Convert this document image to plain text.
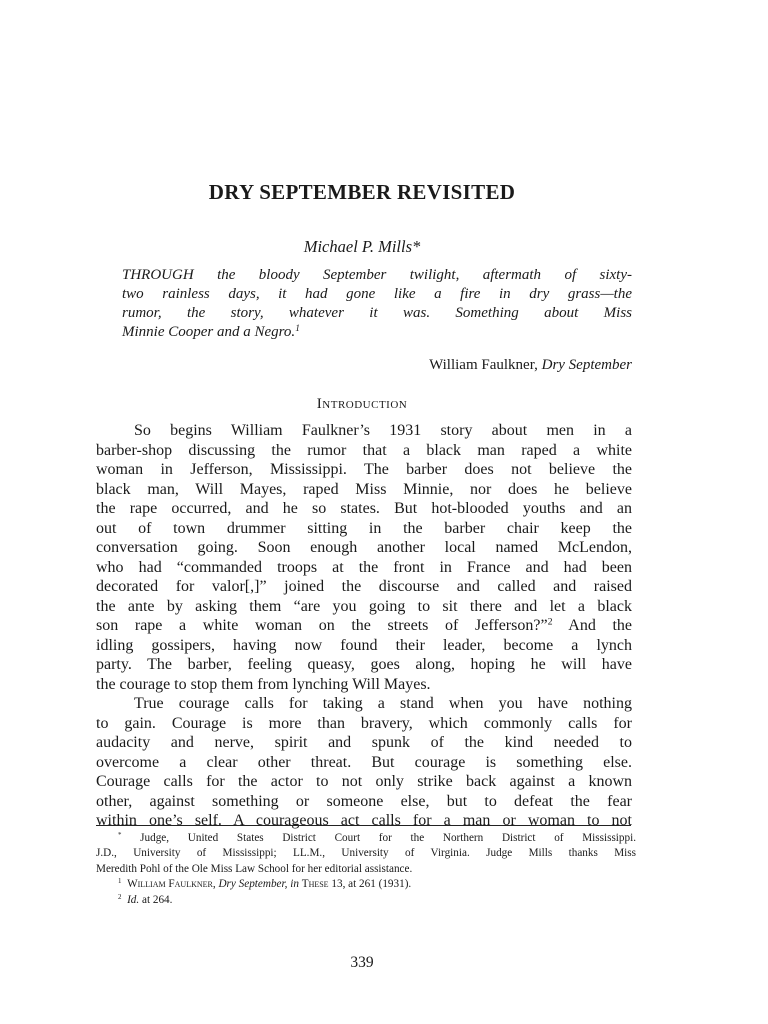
DRY SEPTEMBER REVISITED
Michael P. Mills*
THROUGH the bloody September twilight, aftermath of sixty-
two rainless days, it had gone like a fire in dry grass—the
rumor, the story, whatever it was. Something about Miss
Minnie Cooper and a Negro.$^1$
William Faulkner, Dry September
Introduction
So begins William Faulkner’s 1931 story about men in a
barber-shop discussing the rumor that a black man raped a white
woman in Jefferson, Mississippi. The barber does not believe the
black man, Will Mayes, raped Miss Minnie, nor does he believe
the rape occurred, and he so states. But hot-blooded youths and an
out of town drummer sitting in the barber chair keep the
conversation going. Soon enough another local named McLendon,
who had “commanded troops at the front in France and had been
decorated for valor[,]” joined the discourse and called and raised
the ante by asking them “are you going to sit there and let a black
son rape a white woman on the streets of Jefferson?”$^2$ And the
idling gossipers, having now found their leader, become a lynch
party. The barber, feeling queasy, goes along, hoping he will have
the courage to stop them from lynching Will Mayes.
True courage calls for taking a stand when you have nothing
to gain. Courage is more than bravery, which commonly calls for
audacity and nerve, spirit and spunk of the kind needed to
overcome a clear other threat. But courage is something else.
Courage calls for the actor to not only strike back against a known
other, against something or someone else, but to defeat the fear
within one’s self. A courageous act calls for a man or woman to not
* Judge, United States District Court for the Northern District of Mississippi.
J.D., University of Mississippi; LL.M., University of Virginia. Judge Mills thanks Miss
Meredith Pohl of the Ole Miss Law School for her editorial assistance.
$^1$ William Faulkner, Dry September, in These 13, at 261 (1931).
$^2$ Id. at 264.
339
